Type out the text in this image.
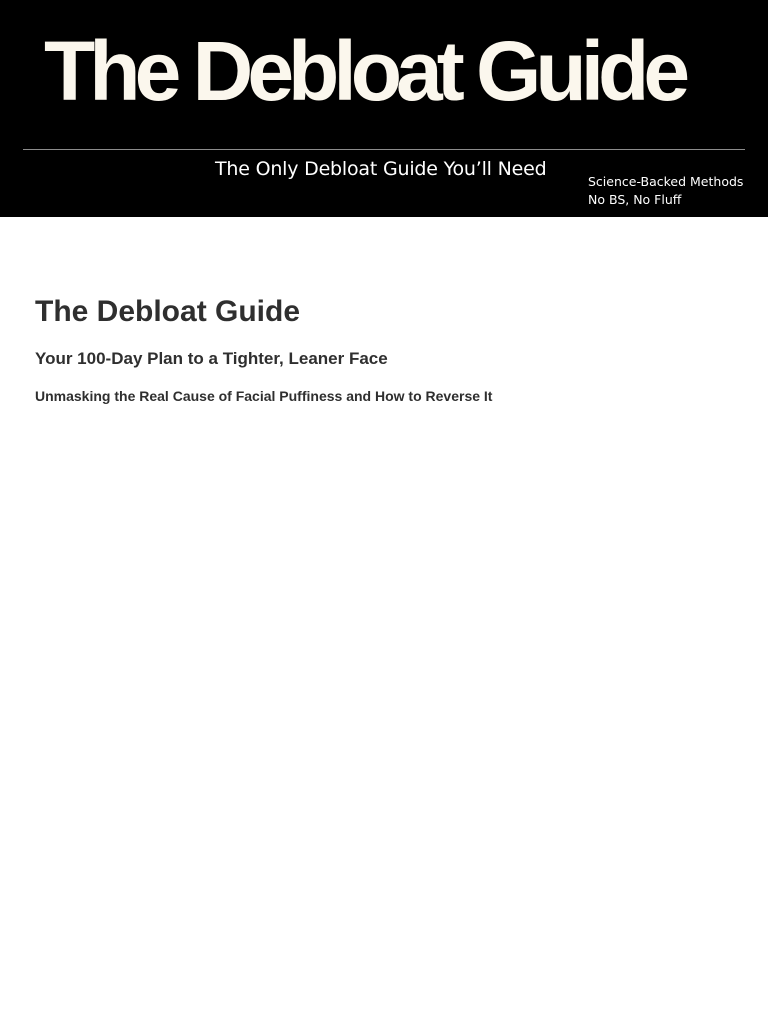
The Debloat Guide

The Only Debloat Guide You’ll Need

Science-Backed Methods
No BS, No Fluff
The Debloat Guide
Your 100-Day Plan to a Tighter, Leaner Face

Unmasking the Real Cause of Facial Puffiness and How to Reverse It
